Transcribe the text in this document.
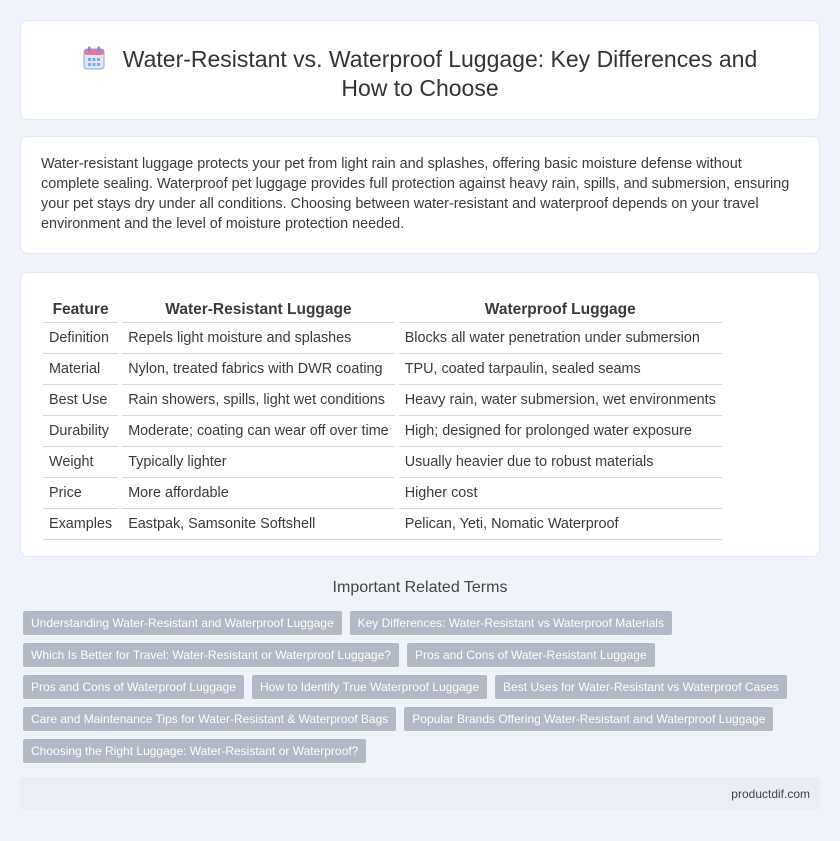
Water-Resistant vs. Waterproof Luggage: Key Differences and How to Choose

Water-resistant luggage protects your pet from light rain and splashes, offering basic moisture defense without complete sealing. Waterproof pet luggage provides full protection against heavy rain, spills, and submersion, ensuring your pet stays dry under all conditions. Choosing between water-resistant and waterproof depends on your travel environment and the level of moisture protection needed.

Feature		Water-Resistant Luggage		Waterproof Luggage
Definition		Repels light moisture and splashes		Blocks all water penetration under submersion
Material		Nylon, treated fabrics with DWR coating		TPU, coated tarpaulin, sealed seams
Best Use		Rain showers, spills, light wet conditions		Heavy rain, water submersion, wet environments
Durability		Moderate; coating can wear off over time		High; designed for prolonged water exposure
Weight		Typically lighter		Usually heavier due to robust materials
Price		More affordable		Higher cost
Examples		Eastpak, Samsonite Softshell		Pelican, Yeti, Nomatic Waterproof
Important Related Terms
Understanding Water-Resistant and Waterproof Luggage	Key Differences: Water-Resistant vs Waterproof Materials
Which Is Better for Travel: Water-Resistant or Waterproof Luggage?	Pros and Cons of Water-Resistant Luggage
Pros and Cons of Waterproof Luggage	How to Identify True Waterproof Luggage	Best Uses for Water-Resistant vs Waterproof Cases
Care and Maintenance Tips for Water-Resistant & Waterproof Bags	Popular Brands Offering Water-Resistant and Waterproof Luggage
Choosing the Right Luggage: Water-Resistant or Waterproof?
productdif.com
